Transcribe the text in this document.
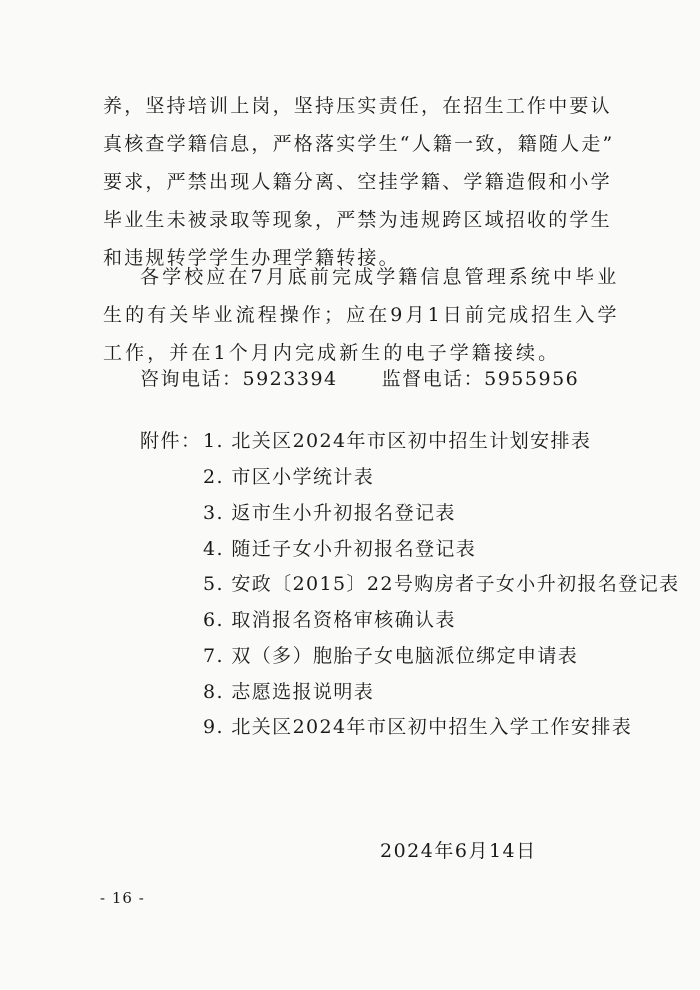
养，坚持培训上岗，坚持压实责任，在招生工作中要认
真核查学籍信息，严格落实学生“人籍一致，籍随人走”
要求，严禁出现人籍分离、空挂学籍、学籍造假和小学
毕业生未被录取等现象，严禁为违规跨区域招收的学生
和违规转学学生办理学籍转接。
各学校应在7月底前完成学籍信息管理系统中毕业
生的有关毕业流程操作；应在9月1日前完成招生入学
工作，并在1个月内完成新生的电子学籍接续。
咨询电话：5923394 监督电话：5955956
附件： 1. 北关区2024年市区初中招生计划安排表
2. 市区小学统计表
3. 返市生小升初报名登记表
4. 随迁子女小升初报名登记表
5. 安政〔2015〕22号购房者子女小升初报名登记表
6. 取消报名资格审核确认表
7. 双（多）胞胎子女电脑派位绑定申请表
8. 志愿选报说明表
9. 北关区2024年市区初中招生入学工作安排表
2024年6月14日
- 16 -
